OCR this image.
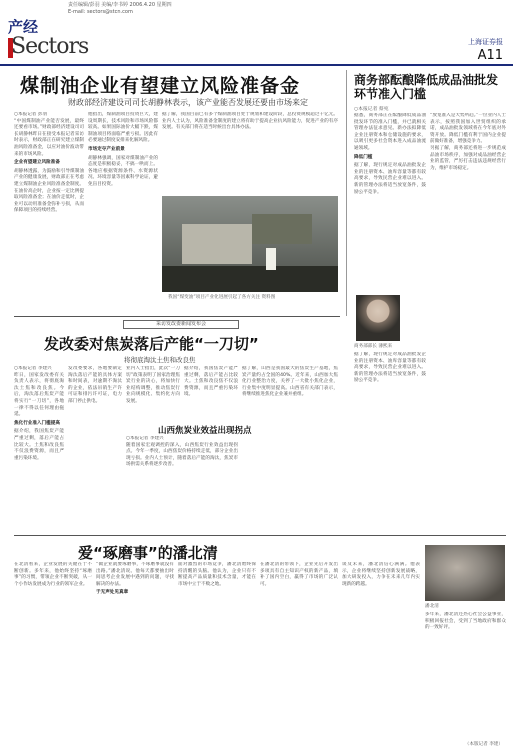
产经
Sectors
责任编辑/彭羽 美编/李书婷 2006.4.20 星期四
E-mail: sectors@stcn.com
上海证券报
A11
煤制油企业有望建立风险准备金
财政部经济建设司司长胡静林表示，该产业能否发展还要由市场来定
○本报记者 彭羽
“中国煤制油产业能否发展，最终还要看市场。”财政部经济建设司司长胡静林昨日在接受本报记者采访时表示，财政部正在研究建立煤制油风险准备金，以应对油价波动带来的市场风险。
企业有望建立风险准备
胡静林透露，为鼓励和引导煤制油产业的健康发展，财政部正在考虑建立煤制油企业风险准备金制度。在油价高企时，企业按一定比例提取风险准备金；在油价走低时，企业可以动用准备金弥补亏损，从而保障项目的持续经营。
他指出，煤制油项目投资巨大，建设周期长，技术风险和市场风险都较高。如果国际油价大幅下跌，煤制油项目将面临严重亏损。因此有必要通过制度安排来化解风险。
市场定夺产业前景
胡静林强调，国家对煤制油产业的态度是积极稳妥，不搞一哄而上。各地应根据资源条件、水资源状况、环境容量等因素科学论证，避免盲目投资。
据了解，我国目前已有多个煤制油项目处于规划和建设阶段，总投资规模超过千亿元。业内人士认为，风险准备金制度的建立将有助于提高企业抗风险能力，促进产业的有序发展。有关部门将在适当时候出台具体办法。
我国“煤变油”项目产业化进展引起了各方关注 资料图
商务部酝酿降低成品油批发环节准入门槛
○本报记者 蔡宛
据悉，商务部正在酝酿降低成品油批发环节的准入门槛，并已就相关管理办法征求意见。新办法拟降低企业注册资本和仓储设施的要求，以吸引更多社会资本进入成品油流通领域。
降低门槛
据了解，现行规定对成品油批发企业的注册资本、油库容量等都有较高要求，导致民营企业难以进入。新的管理办法将适当放宽条件，鼓励公平竞争。
“放宽准入是大势所趋。”一位业内人士表示，按照我国加入世贸组织的承诺，成品油批发领域将在今年底对外资开放。降低门槛有利于国内企业提前做好准备，增强竞争力。
另据了解，商务部还将进一步规范成品油市场秩序，加强对成品油经营企业的监管，严厉打击违法违规经营行为，维护市场稳定。
商务部部长 薄熙来
据了解，现行规定对成品油批发企业的注册资本、油库容量等都有较高要求，导致民营企业难以进入。新的管理办法将适当放宽条件，鼓励公平竞争。
采访发改委新闻发布会
发改委对焦炭落后产能“一刀切”
将彻底淘汰土焦和改良焦
○本报记者 李建兴
昨日，国家发改委有关负责人表示，将彻底淘汰土焦和改良焦。今后，淘汰落后焦炭产能将实行“一刀切”，各地一律不得以任何理由拖延。
焦化行业准入门槛提高
据介绍，我国焦炭产能严重过剩，落后产能占比较大。土焦和改良焦不仅浪费资源，而且严重污染环境。
发改委要求，各地要制定淘汰落后产能的具体方案和时间表，对逾期不淘汰的企业，依法吊销生产许可证和排污许可证，电力部门停止供电。
业内人士指出，此次“一刀切”政策表明了国家治理焦炭行业的决心，将加快行业结构调整，推动焦炭行业向规模化、集约化方向发展。
据介绍，我国焦炭产能严重过剩，落后产能占比较大。土焦和改良焦不仅浪费资源，而且严重污染环境。
山西焦炭业效益出现拐点
○本报记者 李建兴
随着国家宏观调控的深入，山西焦炭行业效益出现拐点。今年一季度，山西焦炭价格持续走低，部分企业出现亏损。业内人士预计，随着落后产能的淘汰，焦炭市场供需关系将逐步改善。
据了解，山西是我国最大的焦炭生产基地，焦炭产量约占全国的40%。近年来，山西加大焦化行业整治力度，关停了一大批小焦化企业，行业集中度明显提高。山西省有关部门表示，将继续推进焦化企业兼并重组。
爱“琢磨事”的潘北清
在北清看来，企业发展的关键在于不断创新。多年来，他始终坚持“琢磨事”的习惯，带领企业不断突破，从一个小作坊发展成为行业的领军企业。
“做企业就要琢磨事，不琢磨事就没有出路。”潘北清说。他每天都要抽出时间思考企业发展中遇到的问题，寻找解决的办法。
于无声处见真章
面对激烈的市场竞争，潘北清始终保持清醒的头脑。他认为，企业只有不断提高产品质量和技术含量，才能在市场中立于不败之地。
在潘北清的带领下，企业先后开发出多项具有自主知识产权的新产品，填补了国内空白，赢得了市场的广泛认可。
谈及未来，潘北清信心满满。他表示，企业将继续坚持创新发展战略，加大研发投入，力争在未来几年内实现新的跨越。
潘北清
多年来，潘北清还热心社会公益事业，积极回报社会，受到了当地政府和群众的一致好评。
（本版记者 李建）
